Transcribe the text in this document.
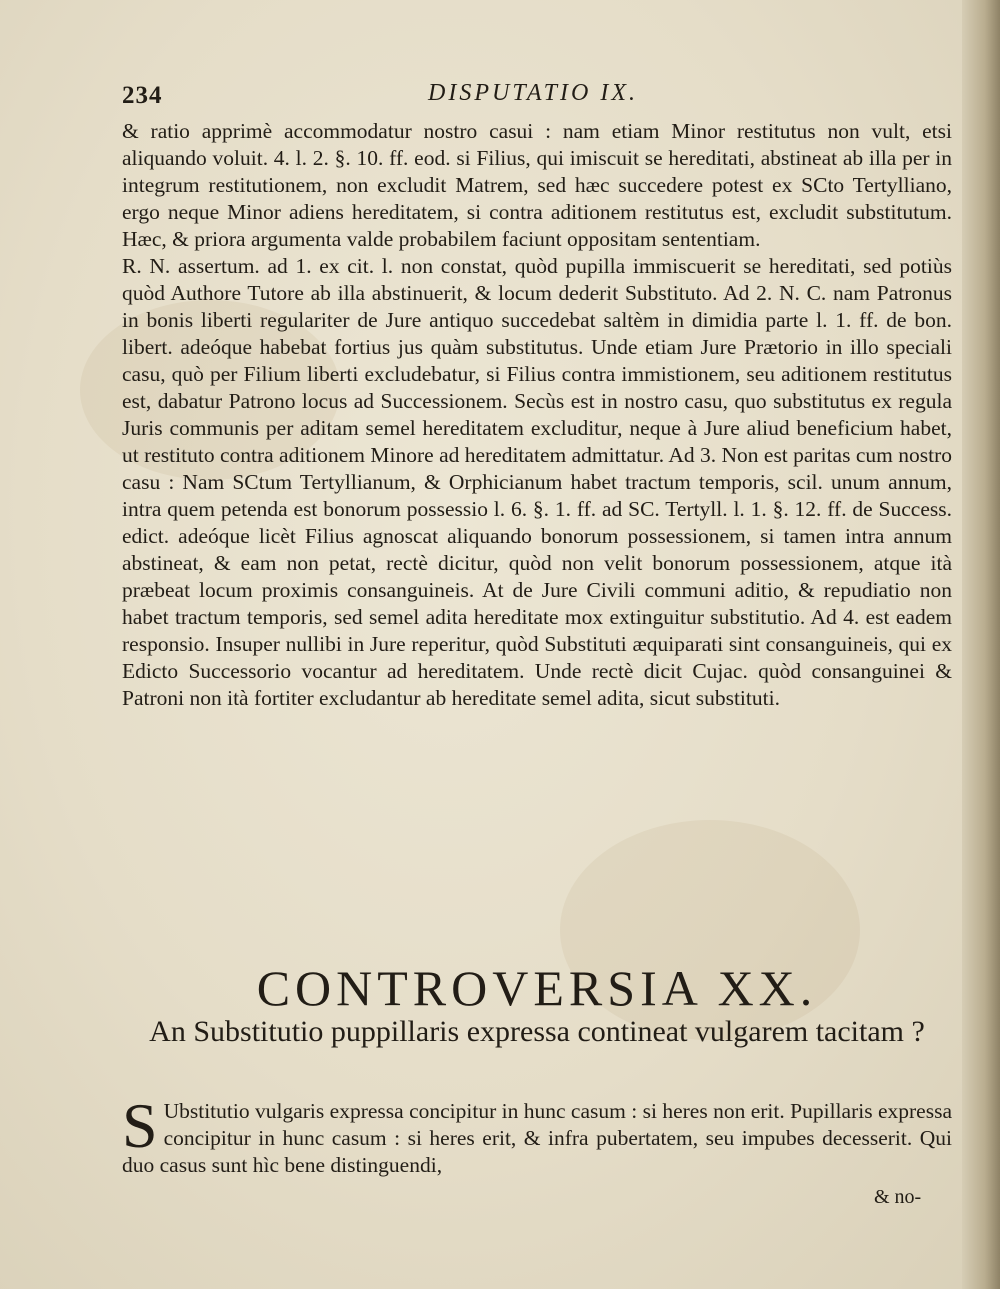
234	DISPUTATIO IX.

& ratio apprimè accommodatur nostro casui : nam etiam Minor restitutus non vult, etsi aliquando voluit. 4. l. 2. §. 10. ff. eod. si Filius, qui imiscuit se hereditati, abstineat ab illa per in integrum restitutionem, non excludit Matrem, sed hæc succedere potest ex SCto Tertylliano, ergo neque Minor adiens hereditatem, si contra aditionem restitutus est, excludit substitutum. Hæc, & priora argumenta valde probabilem faciunt oppositam sententiam.

R. N. assertum. ad 1. ex cit. l. non constat, quòd pupilla immiscuerit se hereditati, sed potiùs quòd Authore Tutore ab illa abstinuerit, & locum dederit Substituto. Ad 2. N. C. nam Patronus in bonis liberti regulariter de Jure antiquo succedebat saltèm in dimidia parte l. 1. ff. de bon. libert. adeóque habebat fortius jus quàm substitutus. Unde etiam Jure Prætorio in illo speciali casu, quò per Filium liberti excludebatur, si Filius contra immistionem, seu aditionem restitutus est, dabatur Patrono locus ad Successionem. Secùs est in nostro casu, quo substitutus ex regula Juris communis per aditam semel hereditatem excluditur, neque à Jure aliud beneficium habet, ut restituto contra aditionem Minore ad hereditatem admittatur. Ad 3. Non est paritas cum nostro casu : Nam SCtum Tertyllianum, & Orphicianum habet tractum temporis, scil. unum annum, intra quem petenda est bonorum possessio l. 6. §. 1. ff. ad SC. Tertyll. l. 1. §. 12. ff. de Success. edict. adeóque licèt Filius agnoscat aliquando bonorum possessionem, si tamen intra annum abstineat, & eam non petat, rectè dicitur, quòd non velit bonorum possessionem, atque ità præbeat locum proximis consanguineis. At de Jure Civili communi aditio, & repudiatio non habet tractum temporis, sed semel adita hereditate mox extinguitur substitutio. Ad 4. est eadem responsio. Insuper nullibi in Jure reperitur, quòd Substituti æquiparati sint consanguineis, qui ex Edicto Successorio vocantur ad hereditatem. Unde rectè dicit Cujac. quòd consanguinei & Patroni non ità fortiter excludantur ab hereditate semel adita, sicut substituti.

CONTROVERSIA XX.
An Substitutio puppillaris expressa contineat vulgarem tacitam ?
S Ubstitutio vulgaris expressa concipitur in hunc casum : si heres non erit. Pupillaris expressa concipitur in hunc casum : si heres erit, & infra pubertatem, seu impubes decesserit. Qui duo casus sunt hìc bene distinguendi,
& no-
